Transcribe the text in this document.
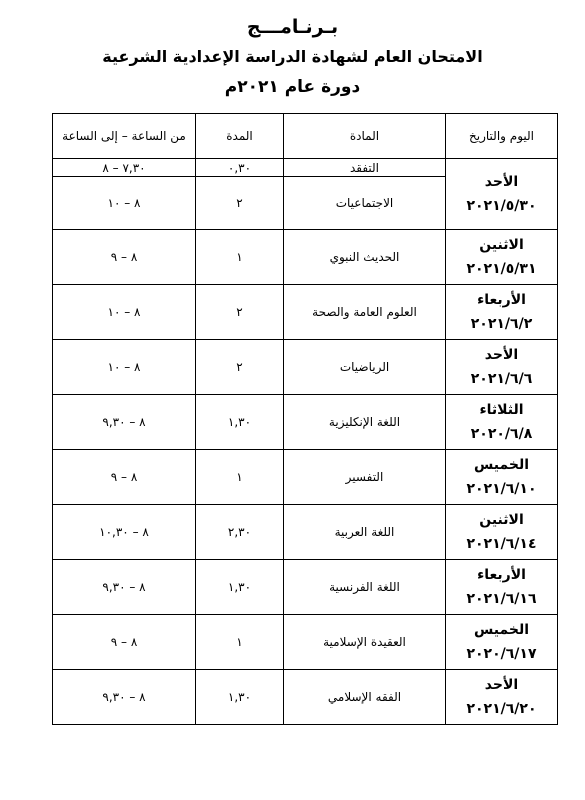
بـرنـامـــج
الامتحان العام لشهادة الدراسة الإعدادية الشرعية
دورة عام ٢٠٢١م
اليوم والتاريخ	المادة	المدة	من الساعة – إلى الساعة

الأحد
٢٠٢١/٥/٣٠	التفقد	٠,٣٠	٧,٣٠ – ٨
	الاجتماعيات	٢	٨ – ١٠

الاثنين
٢٠٢١/٥/٣١	الحديث النبوي	١	٨ – ٩

الأربعاء
٢٠٢١/٦/٢	العلوم العامة والصحة	٢	٨ – ١٠

الأحد
٢٠٢١/٦/٦	الرياضيات	٢	٨ – ١٠

الثلاثاء
٢٠٢٠/٦/٨	اللغة الإنكليزية	١,٣٠	٨ – ٩,٣٠

الخميس
٢٠٢١/٦/١٠	التفسير	١	٨ – ٩

الاثنين
٢٠٢١/٦/١٤	اللغة العربية	٢,٣٠	٨ – ١٠,٣٠

الأربعاء
٢٠٢١/٦/١٦	اللغة الفرنسية	١,٣٠	٨ – ٩,٣٠

الخميس
٢٠٢٠/٦/١٧	العقيدة الإسلامية	١	٨ – ٩

الأحد
٢٠٢١/٦/٢٠	الفقه الإسلامي	١,٣٠	٨ – ٩,٣٠
